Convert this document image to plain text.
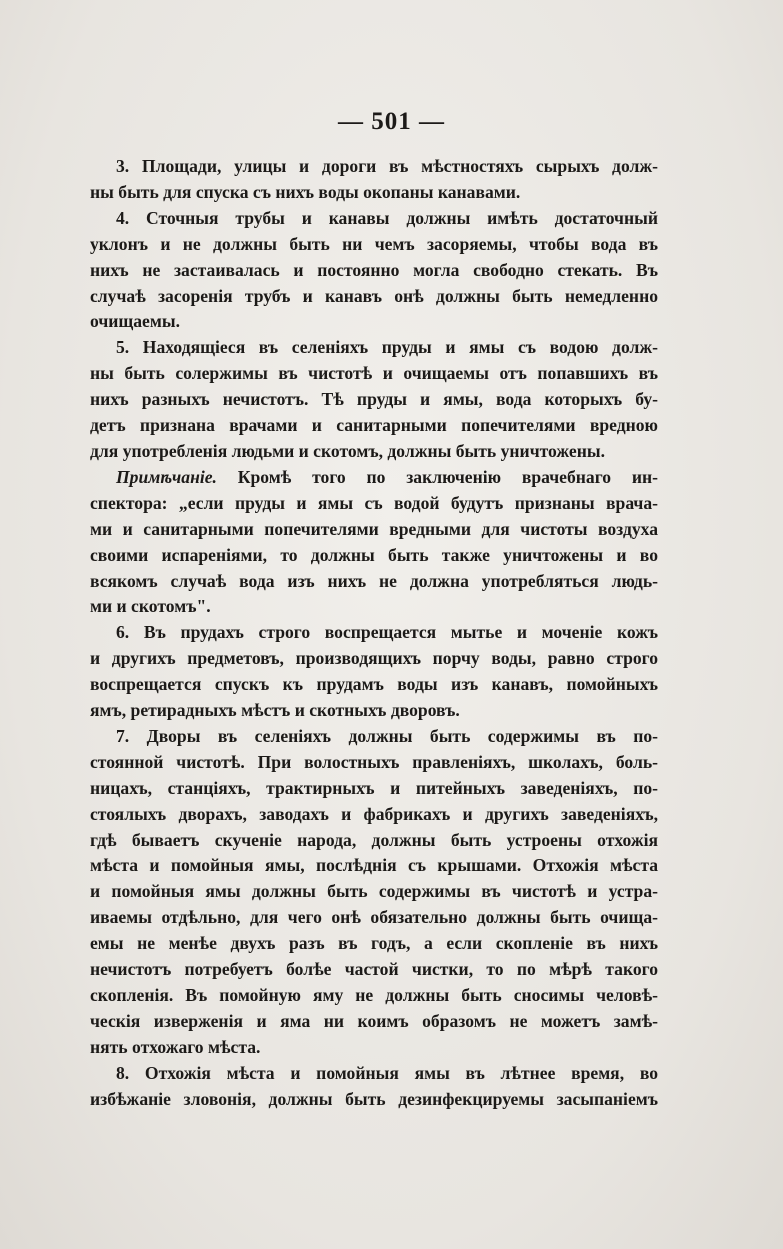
— 501 —
3. Площади, улицы и дороги въ мѣстностяхъ сырыхъ долж-
ны быть для спуска съ нихъ воды окопаны канавами.
4. Сточныя трубы и канавы должны имѣть достаточный
уклонъ и не должны быть ни чемъ засоряемы, чтобы вода въ
нихъ не застаивалась и постоянно могла свободно стекать. Въ
случаѣ засоренія трубъ и канавъ онѣ должны быть немедленно
очищаемы.
5. Находящіеся въ селеніяхъ пруды и ямы съ водою долж-
ны быть солержимы въ чистотѣ и очищаемы отъ попавшихъ въ
нихъ разныхъ нечистотъ. Тѣ пруды и ямы, вода которыхъ бу-
детъ признана врачами и санитарными попечителями вредною
для употребленія людьми и скотомъ, должны быть уничтожены.
Примѣчаніе. Кромѣ того по заключенію врачебнаго ин-
спектора: „если пруды и ямы съ водой будутъ признаны врача-
ми и санитарными попечителями вредными для чистоты воздуха
своими испареніями, то должны быть также уничтожены и во
всякомъ случаѣ вода изъ нихъ не должна употребляться людь-
ми и скотомъ".
6. Въ прудахъ строго воспрещается мытье и моченіе кожъ
и другихъ предметовъ, производящихъ порчу воды, равно строго
воспрещается спускъ къ прудамъ воды изъ канавъ, помойныхъ
ямъ, ретирадныхъ мѣстъ и скотныхъ дворовъ.
7. Дворы въ селеніяхъ должны быть содержимы въ по-
стоянной чистотѣ. При волостныхъ правленіяхъ, школахъ, боль-
ницахъ, станціяхъ, трактирныхъ и питейныхъ заведеніяхъ, по-
стоялыхъ дворахъ, заводахъ и фабрикахъ и другихъ заведеніяхъ,
гдѣ бываетъ скученіе народа, должны быть устроены отхожія
мѣста и помойныя ямы, послѣднія съ крышами. Отхожія мѣста
и помойныя ямы должны быть содержимы въ чистотѣ и устра-
иваемы отдѣльно, для чего онѣ обязательно должны быть очища-
емы не менѣе двухъ разъ въ годъ, а если скопленіе въ нихъ
нечистотъ потребуетъ болѣе частой чистки, то по мѣрѣ такого
скопленія. Въ помойную яму не должны быть сносимы человѣ-
ческія изверженія и яма ни коимъ образомъ не можетъ замѣ-
нять отхожаго мѣста.
8. Отхожія мѣста и помойныя ямы въ лѣтнее время, во
избѣжаніе зловонія, должны быть дезинфекцируемы засыпаніемъ
